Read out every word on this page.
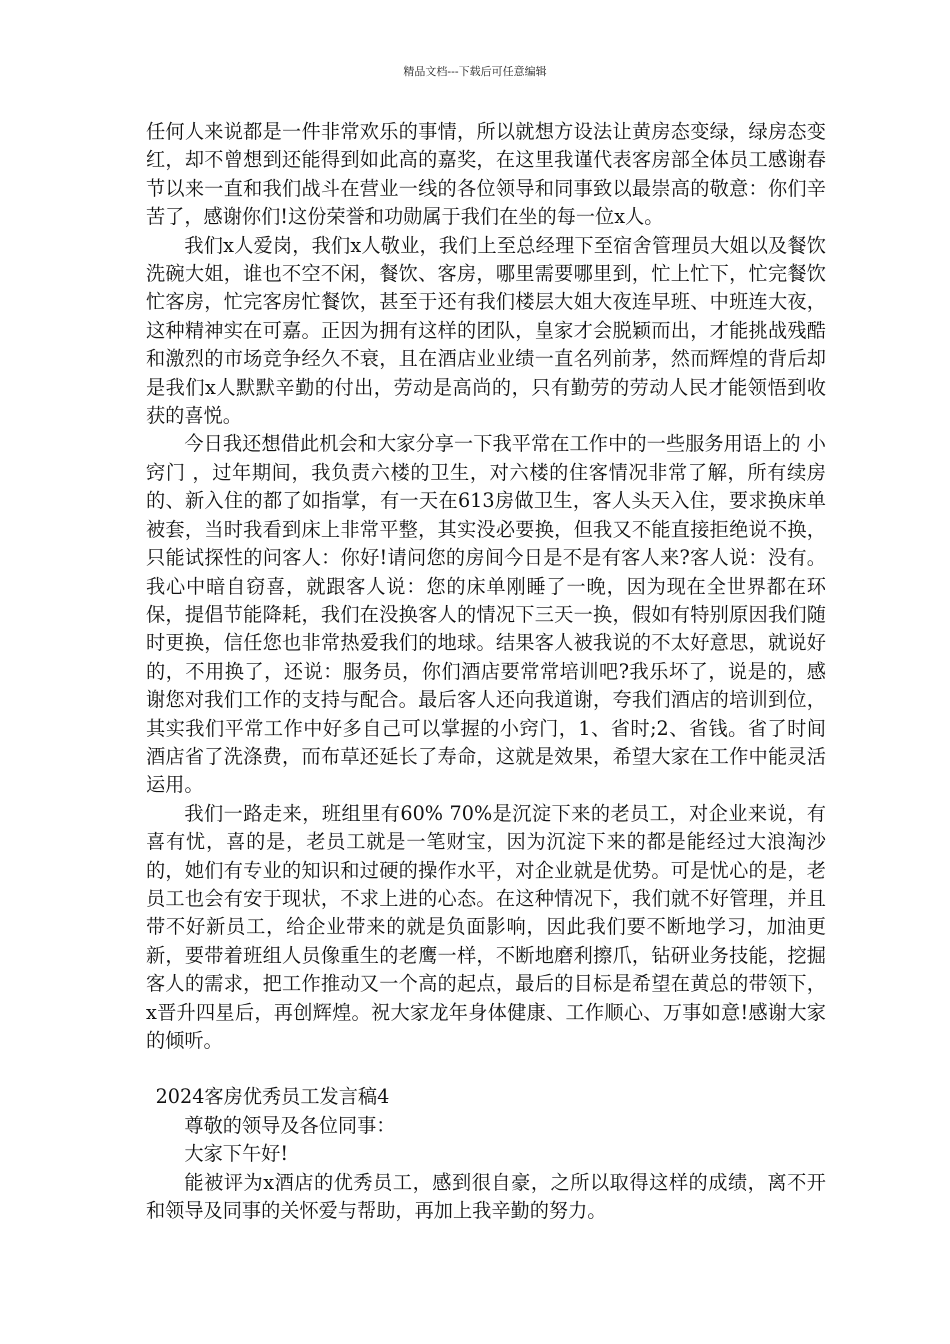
精品文档---下载后可任意编辑

任何人来说都是一件非常欢乐的事情，所以就想方设法让黄房态变绿，绿房态变红，却不曾想到还能得到如此高的嘉奖，在这里我谨代表客房部全体员工感谢春节以来一直和我们战斗在营业一线的各位领导和同事致以最崇高的敬意：你们辛苦了，感谢你们!这份荣誉和功勋属于我们在坐的每一位x人。

我们x人爱岗，我们x人敬业，我们上至总经理下至宿舍管理员大姐以及餐饮洗碗大姐，谁也不空不闲，餐饮、客房，哪里需要哪里到，忙上忙下，忙完餐饮忙客房，忙完客房忙餐饮，甚至于还有我们楼层大姐大夜连早班、中班连大夜，这种精神实在可嘉。正因为拥有这样的团队，皇家才会脱颖而出，才能挑战残酷和激烈的市场竞争经久不衰，且在酒店业业绩一直名列前茅，然而辉煌的背后却是我们x人默默辛勤的付出，劳动是高尚的，只有勤劳的劳动人民才能领悟到收获的喜悦。

今日我还想借此机会和大家分享一下我平常在工作中的一些服务用语上的 小窍门 ，过年期间，我负责六楼的卫生，对六楼的住客情况非常了解，所有续房的、新入住的都了如指掌，有一天在613房做卫生，客人头天入住，要求换床单被套，当时我看到床上非常平整，其实没必要换，但我又不能直接拒绝说不换，只能试探性的问客人：你好!请问您的房间今日是不是有客人来?客人说：没有。我心中暗自窃喜，就跟客人说：您的床单刚睡了一晚，因为现在全世界都在环保，提倡节能降耗，我们在没换客人的情况下三天一换，假如有特别原因我们随时更换，信任您也非常热爱我们的地球。结果客人被我说的不太好意思，就说好的，不用换了，还说：服务员，你们酒店要常常培训吧?我乐坏了，说是的，感谢您对我们工作的支持与配合。最后客人还向我道谢，夸我们酒店的培训到位，其实我们平常工作中好多自己可以掌握的小窍门，1、省时;2、省钱。省了时间酒店省了洗涤费，而布草还延长了寿命，这就是效果，希望大家在工作中能灵活运用。

我们一路走来，班组里有60% 70%是沉淀下来的老员工，对企业来说，有喜有忧，喜的是，老员工就是一笔财宝，因为沉淀下来的都是能经过大浪淘沙的，她们有专业的知识和过硬的操作水平，对企业就是优势。可是忧心的是，老员工也会有安于现状，不求上进的心态。在这种情况下，我们就不好管理，并且带不好新员工，给企业带来的就是负面影响，因此我们要不断地学习，加油更新，要带着班组人员像重生的老鹰一样，不断地磨利擦爪，钻研业务技能，挖掘客人的需求，把工作推动又一个高的起点，最后的目标是希望在黄总的带领下，x晋升四星后，再创辉煌。祝大家龙年身体健康、工作顺心、万事如意!感谢大家的倾听。

2024客房优秀员工发言稿4

尊敬的领导及各位同事：

大家下午好!

能被评为x酒店的优秀员工，感到很自豪，之所以取得这样的成绩，离不开和领导及同事的关怀爱与帮助，再加上我辛勤的努力。
